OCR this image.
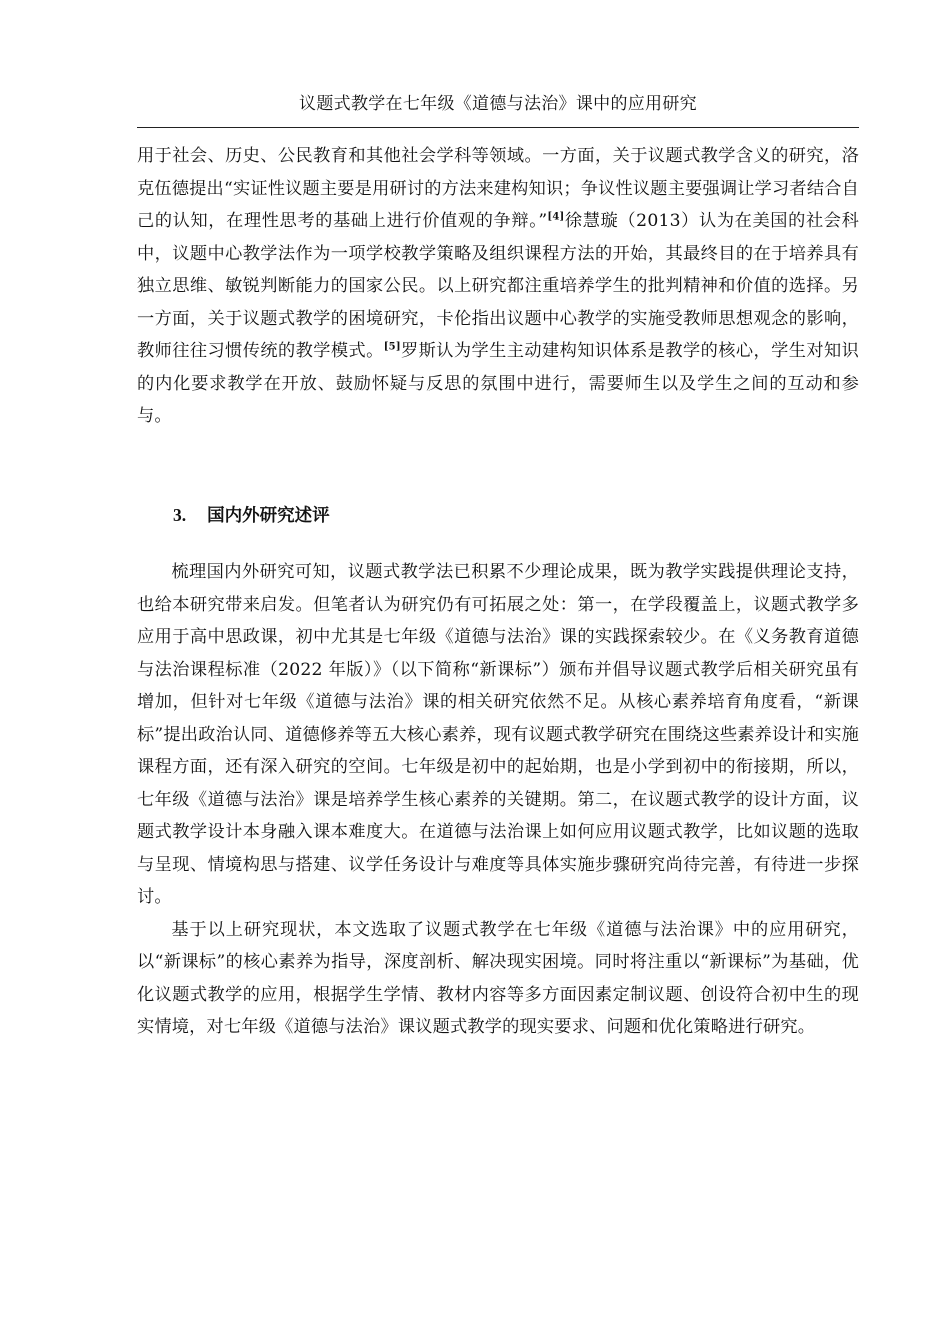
议题式教学在七年级《道德与法治》课中的应用研究

用于社会、历史、公民教育和其他社会学科等领域。一方面，关于议题式教学含义的研究，洛克伍德提出“实证性议题主要是用研讨的方法来建构知识；争议性议题主要强调让学习者结合自己的认知，在理性思考的基础上进行价值观的争辩。”[4]徐慧璇（2013）认为在美国的社会科中，议题中心教学法作为一项学校教学策略及组织课程方法的开始，其最终目的在于培养具有独立思维、敏锐判断能力的国家公民。以上研究都注重培养学生的批判精神和价值的选择。另一方面，关于议题式教学的困境研究，卡伦指出议题中心教学的实施受教师思想观念的影响，教师往往习惯传统的教学模式。[5]罗斯认为学生主动建构知识体系是教学的核心，学生对知识的内化要求教学在开放、鼓励怀疑与反思的氛围中进行，需要师生以及学生之间的互动和参与。

3. 国内外研究述评

梳理国内外研究可知，议题式教学法已积累不少理论成果，既为教学实践提供理论支持，也给本研究带来启发。但笔者认为研究仍有可拓展之处：第一，在学段覆盖上，议题式教学多应用于高中思政课，初中尤其是七年级《道德与法治》课的实践探索较少。在《义务教育道德与法治课程标准（2022 年版）》（以下简称“新课标”）颁布并倡导议题式教学后相关研究虽有增加，但针对七年级《道德与法治》课的相关研究依然不足。从核心素养培育角度看，“新课标”提出政治认同、道德修养等五大核心素养，现有议题式教学研究在围绕这些素养设计和实施课程方面，还有深入研究的空间。七年级是初中的起始期，也是小学到初中的衔接期，所以，七年级《道德与法治》课是培养学生核心素养的关键期。第二，在议题式教学的设计方面，议题式教学设计本身融入课本难度大。在道德与法治课上如何应用议题式教学，比如议题的选取与呈现、情境构思与搭建、议学任务设计与难度等具体实施步骤研究尚待完善，有待进一步探讨。

基于以上研究现状，本文选取了议题式教学在七年级《道德与法治课》中的应用研究，以“新课标”的核心素养为指导，深度剖析、解决现实困境。同时将注重以“新课标”为基础，优化议题式教学的应用，根据学生学情、教材内容等多方面因素定制议题、创设符合初中生的现实情境，对七年级《道德与法治》课议题式教学的现实要求、问题和优化策略进行研究。
